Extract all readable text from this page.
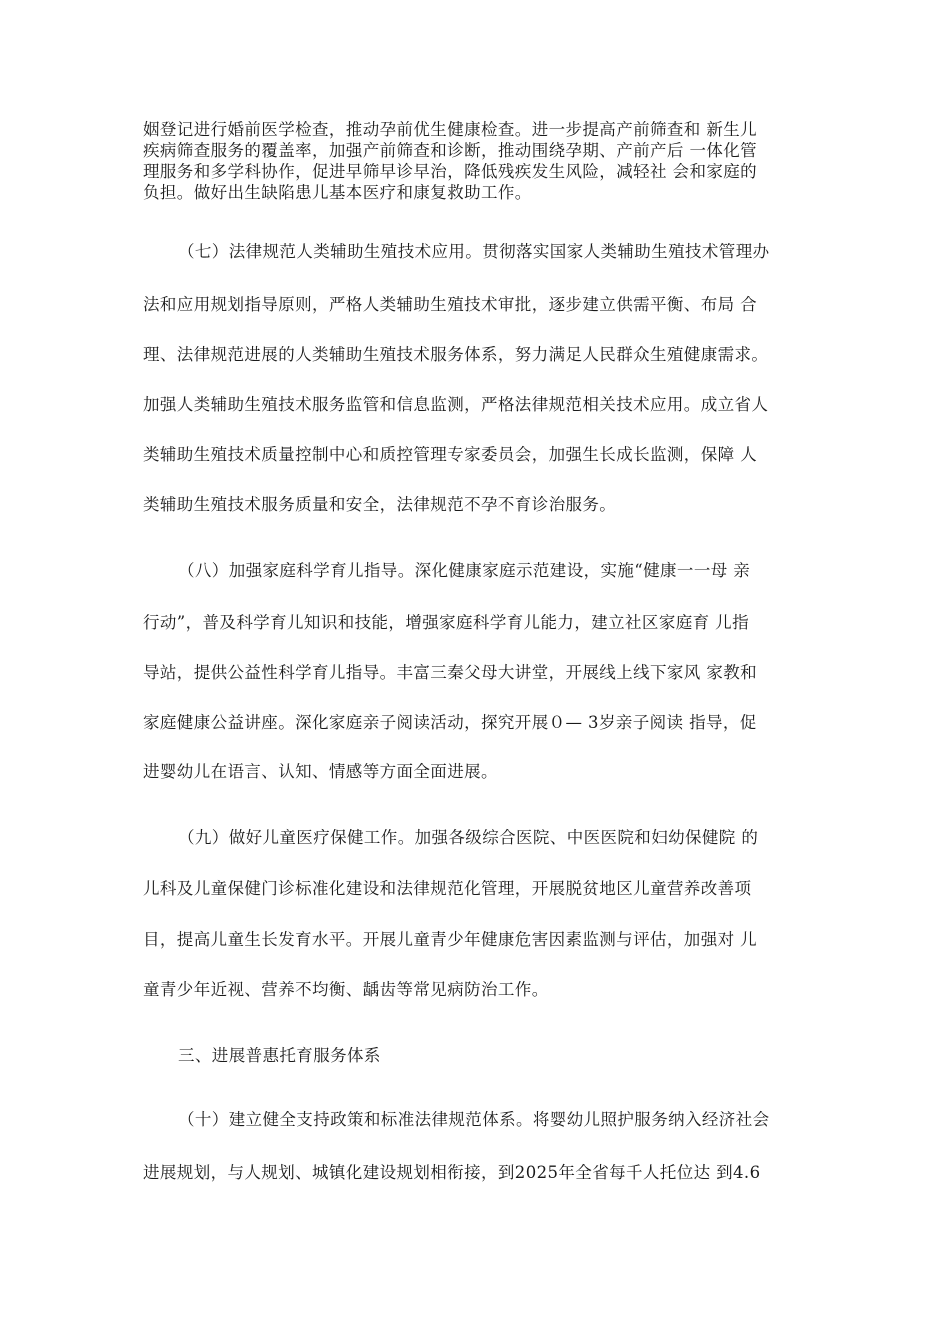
姻登记进行婚前医学检查，推动孕前优生健康检查。进一步提高产前筛查和 新生儿
疾病筛查服务的覆盖率，加强产前筛查和诊断，推动围绕孕期、产前产后 一体化管
理服务和多学科协作，促进早筛早诊早治，降低残疾发生风险，减轻社 会和家庭的
负担。做好出生缺陷患儿基本医疗和康复救助工作。
（七）法律规范人类辅助生殖技术应用。贯彻落实国家人类辅助生殖技术管理办
法和应用规划指导原则，严格人类辅助生殖技术审批，逐步建立供需平衡、布局 合
理、法律规范进展的人类辅助生殖技术服务体系，努力满足人民群众生殖健康需求。
加强人类辅助生殖技术服务监管和信息监测，严格法律规范相关技术应用。成立省人
类辅助生殖技术质量控制中心和质控管理专家委员会，加强生长成长监测，保障 人
类辅助生殖技术服务质量和安全，法律规范不孕不育诊治服务。
（八）加强家庭科学育儿指导。深化健康家庭示范建设，实施“健康一一母 亲
行动”，普及科学育儿知识和技能，增强家庭科学育儿能力，建立社区家庭育 儿指
导站，提供公益性科学育儿指导。丰富三秦父母大讲堂，开展线上线下家风 家教和
家庭健康公益讲座。深化家庭亲子阅读活动，探究开展０— 3岁亲子阅读 指导，促
进婴幼儿在语言、认知、情感等方面全面进展。
（九）做好儿童医疗保健工作。加强各级综合医院、中医医院和妇幼保健院 的
儿科及儿童保健门诊标准化建设和法律规范化管理，开展脱贫地区儿童营养改善项
目，提高儿童生长发育水平。开展儿童青少年健康危害因素监测与评估，加强对 儿
童青少年近视、营养不均衡、龋齿等常见病防治工作。
三、进展普惠托育服务体系
（十）建立健全支持政策和标准法律规范体系。将婴幼儿照护服务纳入经济社会
进展规划，与人规划、城镇化建设规划相衔接，到2025年全省每千人托位达 到4.6
